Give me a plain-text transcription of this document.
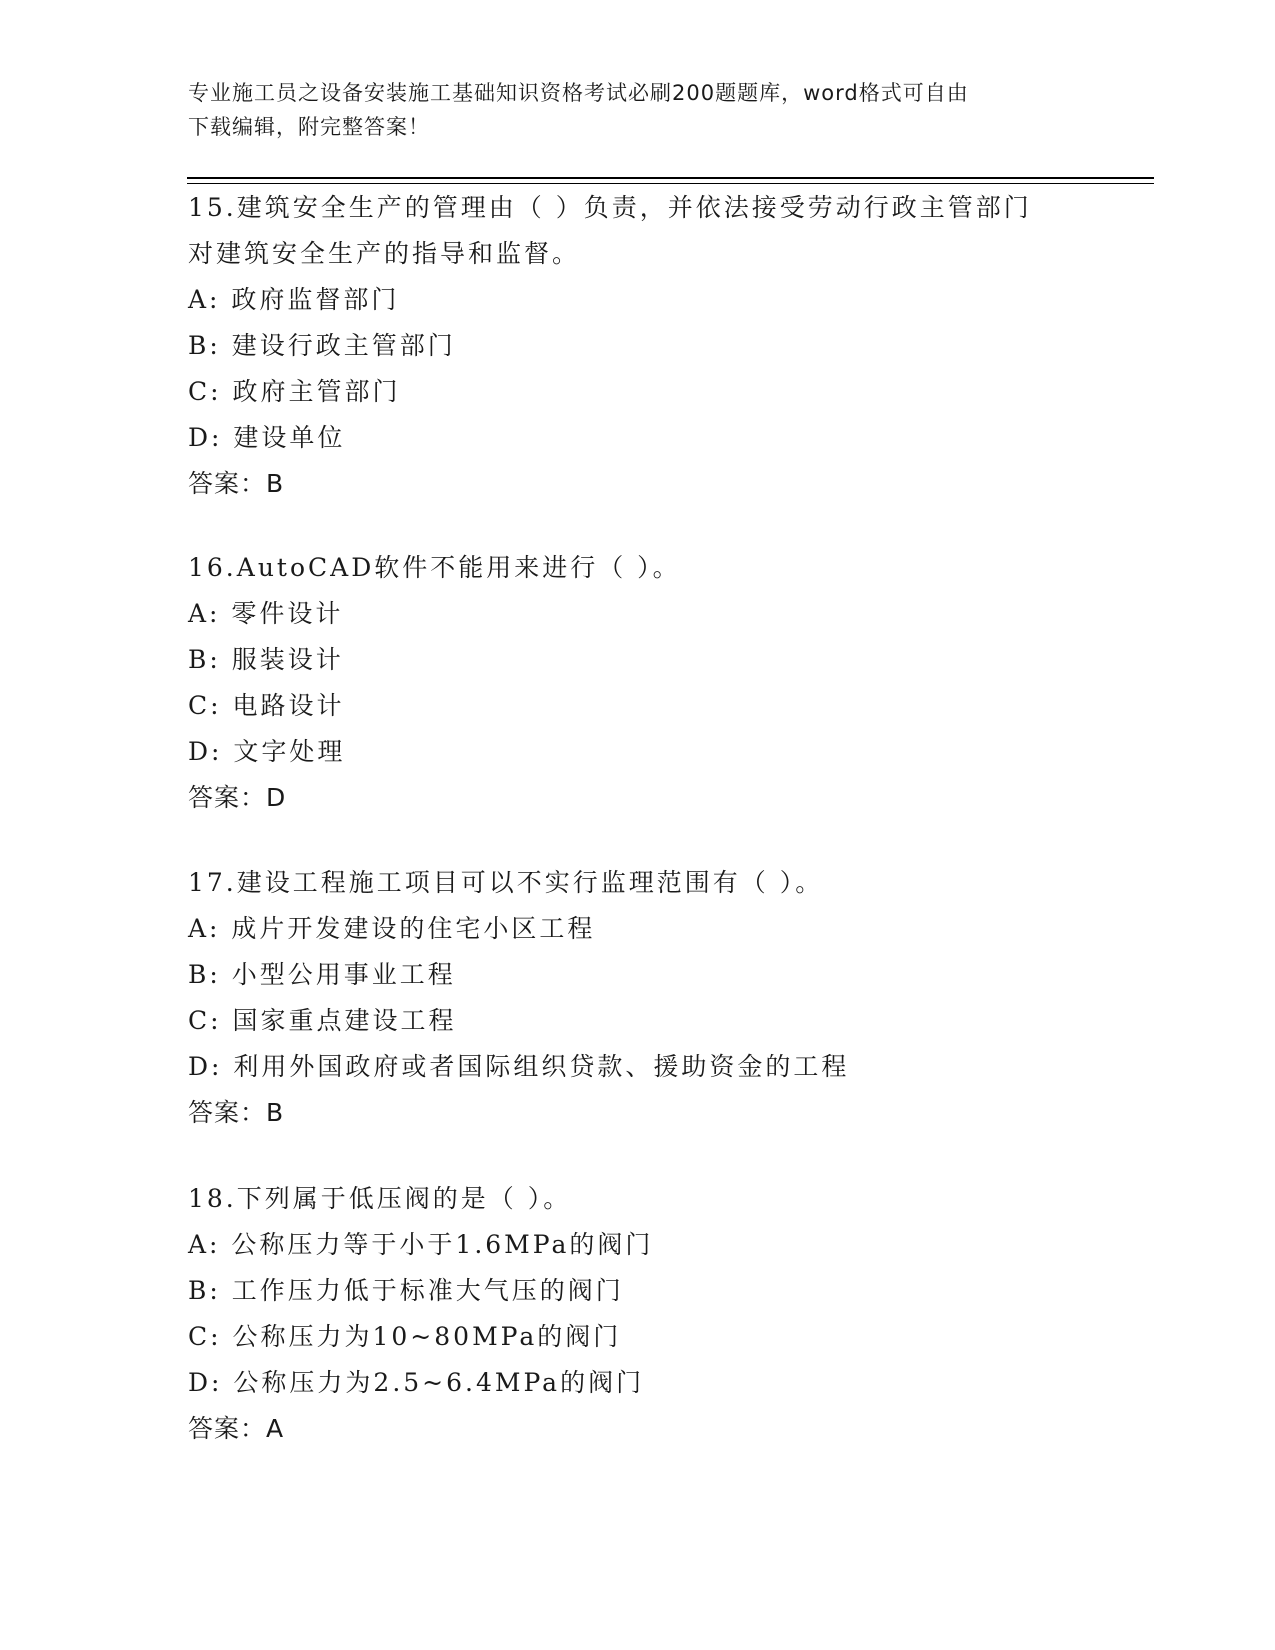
专业施工员之设备安装施工基础知识资格考试必刷200题题库，word格式可自由
下载编辑，附完整答案！
15.建筑安全生产的管理由（ ）负责，并依法接受劳动行政主管部门
对建筑安全生产的指导和监督。
A: 政府监督部门
B: 建设行政主管部门
C: 政府主管部门
D: 建设单位
答案：B
16.AutoCAD软件不能用来进行（ ）。
A: 零件设计
B: 服装设计
C: 电路设计
D: 文字处理
答案：D
17.建设工程施工项目可以不实行监理范围有（ ）。
A: 成片开发建设的住宅小区工程
B: 小型公用事业工程
C: 国家重点建设工程
D: 利用外国政府或者国际组织贷款、援助资金的工程
答案：B
18.下列属于低压阀的是（ ）。
A: 公称压力等于小于1.6MPa的阀门
B: 工作压力低于标准大气压的阀门
C: 公称压力为10~80MPa的阀门
D: 公称压力为2.5~6.4MPa的阀门
答案：A
